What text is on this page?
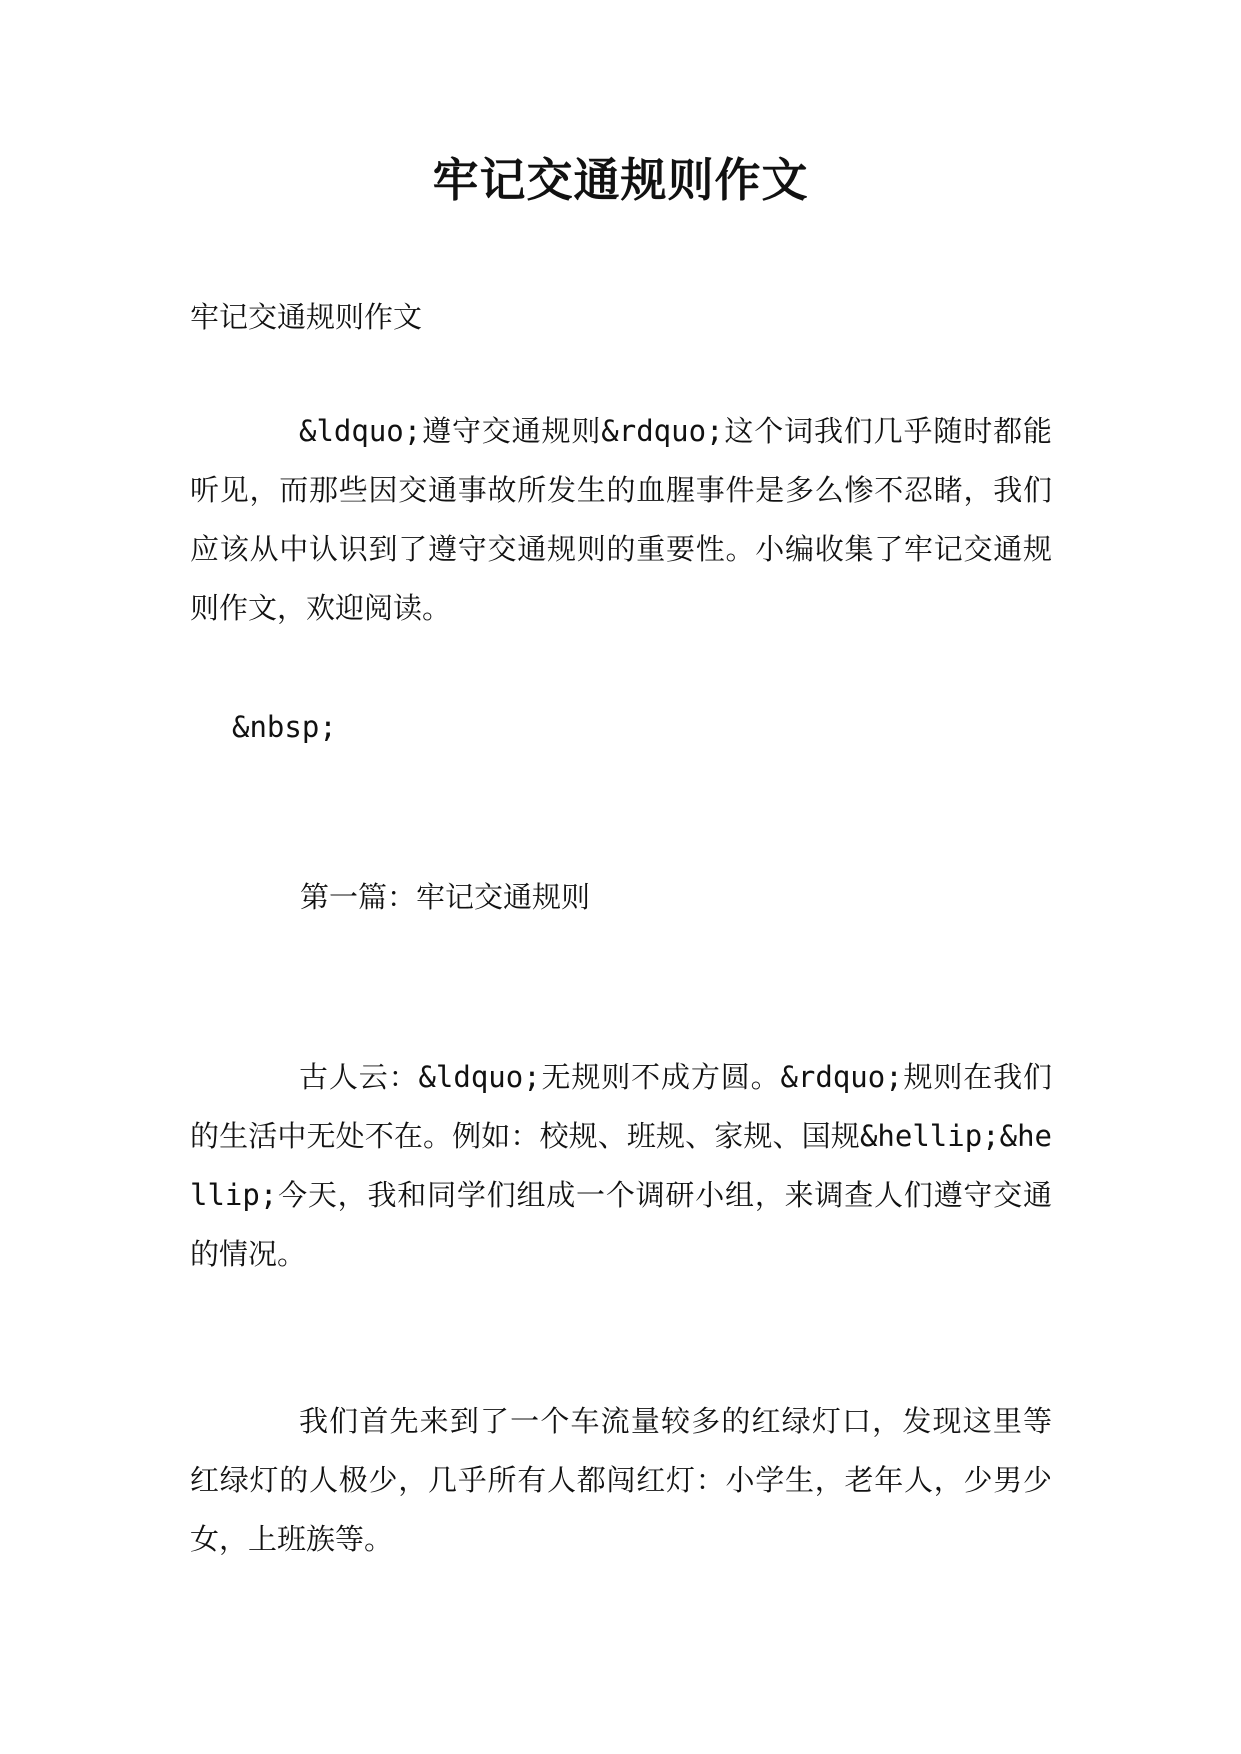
牢记交通规则作文

牢记交通规则作文

&ldquo;遵守交通规则&rdquo;这个词我们几乎随时都能听见，而那些因交通事故所发生的血腥事件是多么惨不忍睹，我们应该从中认识到了遵守交通规则的重要性。小编收集了牢记交通规则作文，欢迎阅读。

&nbsp;

第一篇：牢记交通规则

古人云：&ldquo;无规则不成方圆。&rdquo;规则在我们的生活中无处不在。例如：校规、班规、家规、国规&hellip;&hellip;今天，我和同学们组成一个调研小组，来调查人们遵守交通的情况。

我们首先来到了一个车流量较多的红绿灯口，发现这里等红绿灯的人极少，几乎所有人都闯红灯：小学生，老年人，少男少女，上班族等。
